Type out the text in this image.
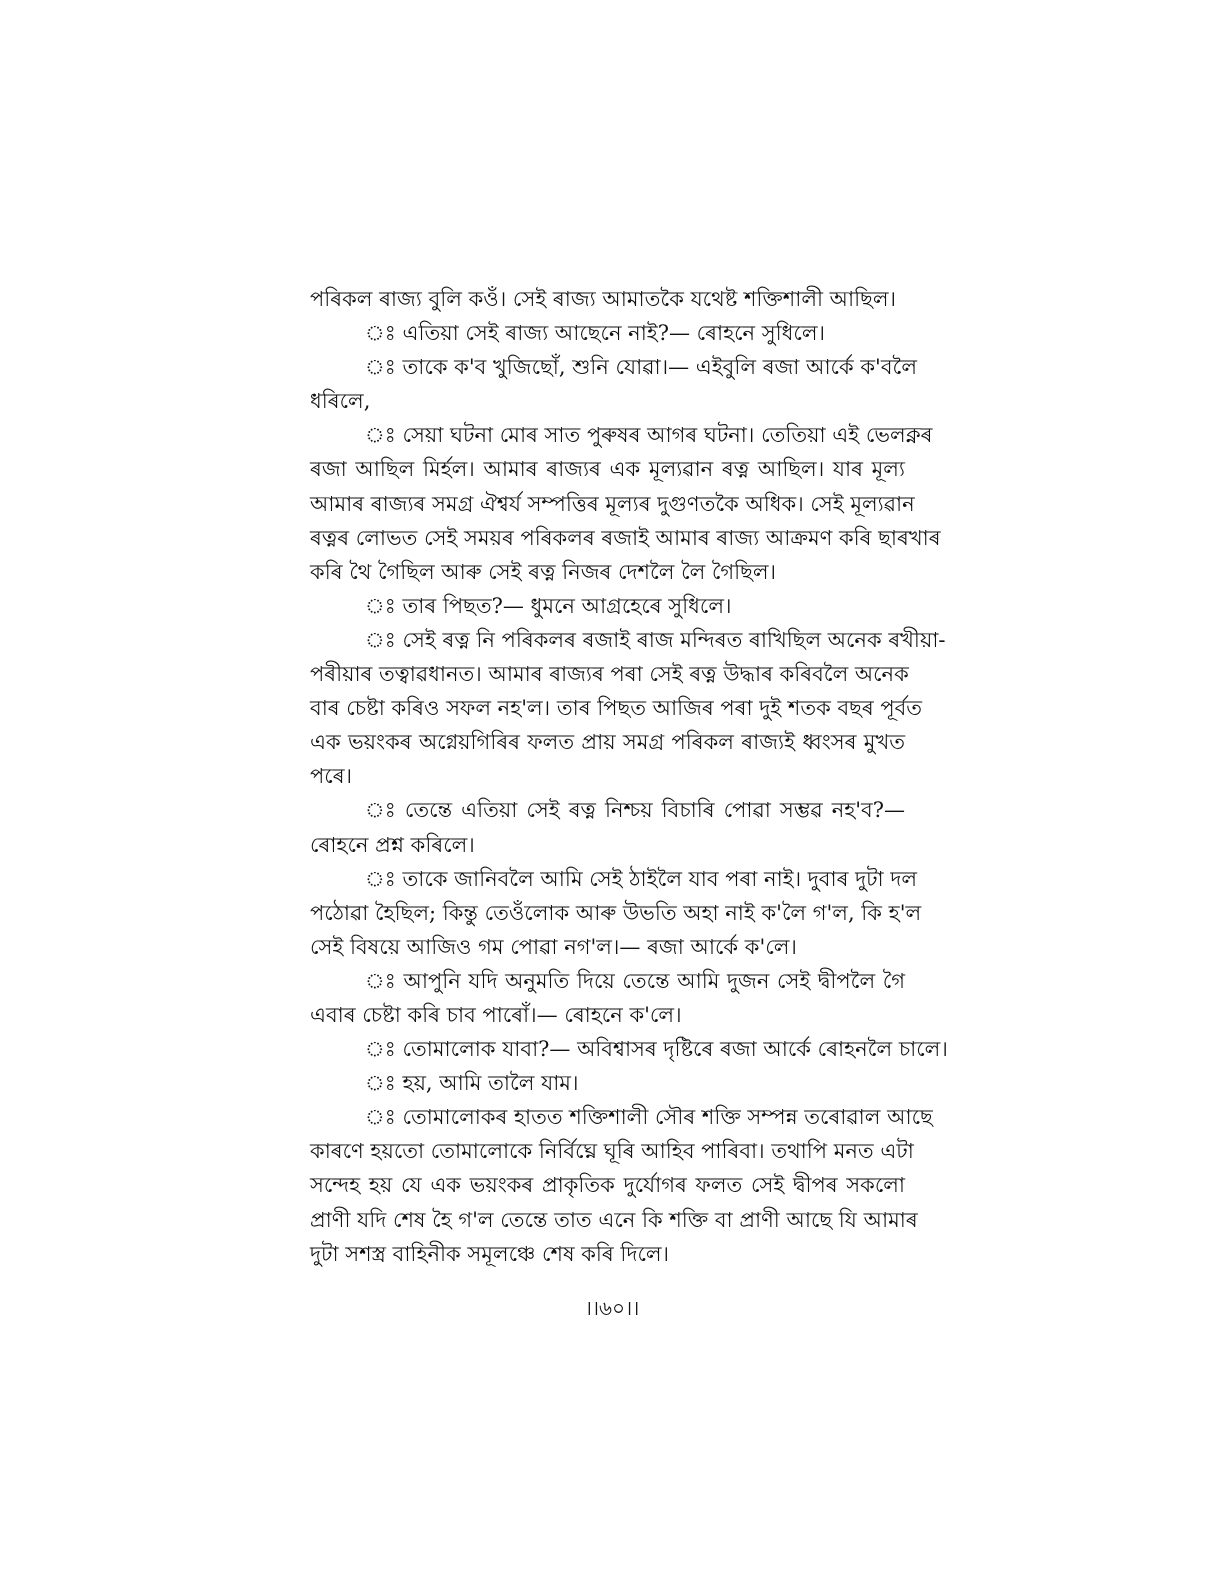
পৰিকল ৰাজ্য বুলি কওঁ। সেই ৰাজ্য আমাতকৈ যথেষ্ট শক্তিশালী আছিল।
ঃ এতিয়া সেই ৰাজ্য আছেনে নাই?— ৰোহনে সুধিলে।
ঃ তাকে ক'ব খুজিছোঁ, শুনি যোৱা।— এইবুলি ৰজা আৰ্কে ক'বলৈ
ধৰিলে,
ঃ সেয়া ঘটনা মোৰ সাত পুৰুষৰ আগৰ ঘটনা। তেতিয়া এই ভেলক্নৰ
ৰজা আছিল মিৰ্হল। আমাৰ ৰাজ্যৰ এক মূল্যৱান ৰত্ন আছিল। যাৰ মূল্য
আমাৰ ৰাজ্যৰ সমগ্ৰ ঐশ্বৰ্য সম্পত্তিৰ মূল্যৰ দুগুণতকৈ অধিক। সেই মূল্যৱান
ৰত্নৰ লোভত সেই সময়ৰ পৰিকলৰ ৰজাই আমাৰ ৰাজ্য আক্ৰমণ কৰি ছাৰখাৰ
কৰি থৈ গৈছিল আৰু সেই ৰত্ন নিজৰ দেশলৈ লৈ গৈছিল।
ঃ তাৰ পিছত?— ধুমনে আগ্ৰহেৰে সুধিলে।
ঃ সেই ৰত্ন নি পৰিকলৰ ৰজাই ৰাজ মন্দিৰত ৰাখিছিল অনেক ৰখীয়া-
পৰীয়াৰ তত্বাৱধানত। আমাৰ ৰাজ্যৰ পৰা সেই ৰত্ন উদ্ধাৰ কৰিবলৈ অনেক
বাৰ চেষ্টা কৰিও সফল নহ'ল। তাৰ পিছত আজিৰ পৰা দুই শতক বছৰ পূৰ্বত
এক ভয়ংকৰ অগ্নেয়গিৰিৰ ফলত প্ৰায় সমগ্ৰ পৰিকল ৰাজ্যই ধ্বংসৰ মুখত
পৰে।
ঃ তেন্তে এতিয়া সেই ৰত্ন নিশ্চয় বিচাৰি পোৱা সম্ভৱ নহ'ব?—
ৰোহনে প্ৰশ্ন কৰিলে।
ঃ তাকে জানিবলৈ আমি সেই ঠাইলৈ যাব পৰা নাই। দুবাৰ দুটা দল
পঠোৱা হৈছিল; কিন্তু তেওঁলোক আৰু উভতি অহা নাই ক'লৈ গ'ল, কি হ'ল
সেই বিষয়ে আজিও গম পোৱা নগ'ল।— ৰজা আৰ্কে ক'লে।
ঃ আপুনি যদি অনুমতি দিয়ে তেন্তে আমি দুজন সেই দ্বীপলৈ গৈ
এবাৰ চেষ্টা কৰি চাব পাৰোঁ।— ৰোহনে ক'লে।
ঃ তোমালোক যাবা?— অবিশ্বাসৰ দৃষ্টিৰে ৰজা আৰ্কে ৰোহনলৈ চালে।
ঃ হয়, আমি তালৈ যাম।
ঃ তোমালোকৰ হাতত শক্তিশালী সৌৰ শক্তি সম্পন্ন তৰোৱাল আছে
কাৰণে হয়তো তোমালোকে নিৰ্বিঘ্নে ঘূৰি আহিব পাৰিবা। তথাপি মনত এটা
সন্দেহ হয় যে এক ভয়ংকৰ প্ৰাকৃতিক দুৰ্যোগৰ ফলত সেই দ্বীপৰ সকলো
প্ৰাণী যদি শেষ হৈ গ'ল তেন্তে তাত এনে কি শক্তি বা প্ৰাণী আছে যি আমাৰ
দুটা সশস্ত্ৰ বাহিনীক সমূলঞ্চে শেষ কৰি দিলে।
।।৬০।।
